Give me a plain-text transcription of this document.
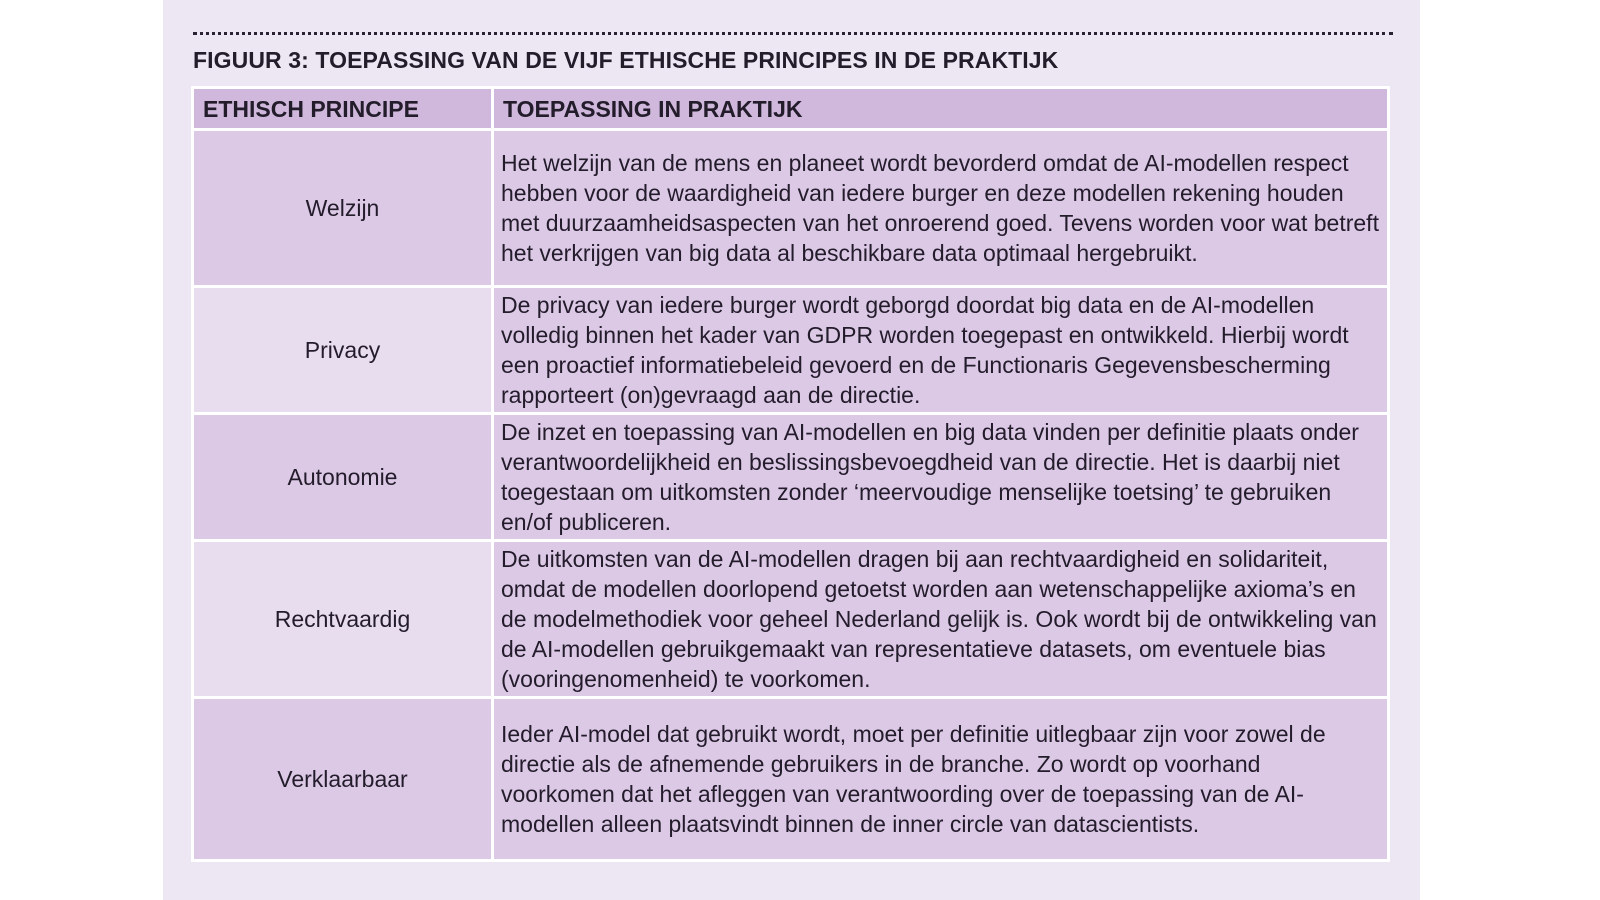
FIGUUR 3: TOEPASSING VAN DE VIJF ETHISCHE PRINCIPES IN DE PRAKTIJK
ETHISCH PRINCIPE	TOEPASSING IN PRAKTIJK
Welzijn	Het welzijn van de mens en planeet wordt bevorderd omdat de AI-modellen respect hebben voor de waardigheid van iedere burger en deze modellen rekening houden met duurzaamheidsaspecten van het onroerend goed. Tevens worden voor wat betreft het verkrijgen van big data al beschikbare data optimaal hergebruikt.
Privacy	De privacy van iedere burger wordt geborgd doordat big data en de AI-modellen volledig binnen het kader van GDPR worden toegepast en ontwikkeld. Hierbij wordt een proactief informatiebeleid gevoerd en de Functionaris Gegevensbescherming rapporteert (on)gevraagd aan de directie.
Autonomie	De inzet en toepassing van AI-modellen en big data vinden per definitie plaats onder verantwoordelijkheid en beslissingsbevoegdheid van de directie. Het is daarbij niet toegestaan om uitkomsten zonder ‘meervoudige menselijke toetsing’ te gebruiken en/of publiceren.
Rechtvaardig	De uitkomsten van de AI-modellen dragen bij aan rechtvaardigheid en solidariteit, omdat de modellen doorlopend getoetst worden aan wetenschappelijke axioma’s en de modelmethodiek voor geheel Nederland gelijk is. Ook wordt bij de ontwikkeling van de AI-modellen gebruikgemaakt van representatieve datasets, om eventuele bias (vooringenomenheid) te voorkomen.
Verklaarbaar	Ieder AI-model dat gebruikt wordt, moet per definitie uitlegbaar zijn voor zowel de directie als de afnemende gebruikers in de branche. Zo wordt op voorhand voorkomen dat het afleggen van verantwoording over de toepassing van de AI-modellen alleen plaatsvindt binnen de inner circle van datascientists.
